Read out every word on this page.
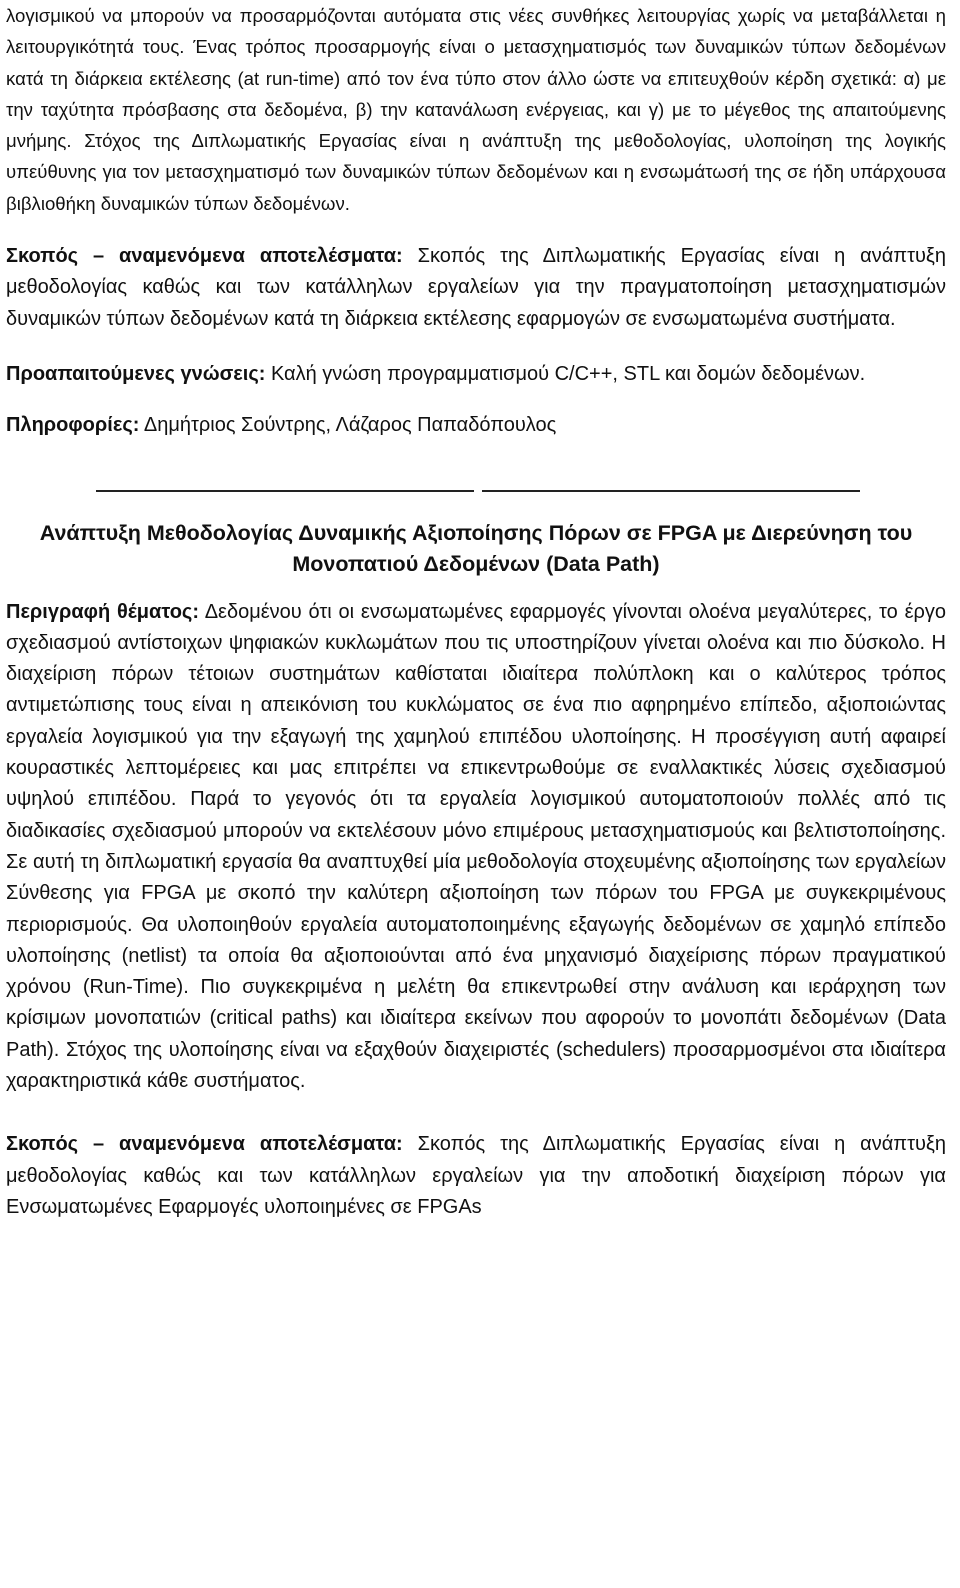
λογισμικού να μπορούν να προσαρμόζονται αυτόματα στις νέες συνθήκες λειτουργίας χωρίς να μεταβάλλεται η λειτουργικότητά τους. Ένας τρόπος προσαρμογής είναι ο μετασχηματισμός των δυναμικών τύπων δεδομένων κατά τη διάρκεια εκτέλεσης (at run-time) από τον ένα τύπο στον άλλο ώστε να επιτευχθούν κέρδη σχετικά: α) με την ταχύτητα πρόσβασης στα δεδομένα, β) την κατανάλωση ενέργειας, και γ) με το μέγεθος της απαιτούμενης μνήμης. Στόχος της Διπλωματικής Εργασίας είναι η ανάπτυξη της μεθοδολογίας, υλοποίηση της λογικής υπεύθυνης για τον μετασχηματισμό των δυναμικών τύπων δεδομένων και η ενσωμάτωσή της σε ήδη υπάρχουσα βιβλιοθήκη δυναμικών τύπων δεδομένων.

Σκοπός – αναμενόμενα αποτελέσματα: Σκοπός της Διπλωματικής Εργασίας είναι η ανάπτυξη μεθοδολογίας καθώς και των κατάλληλων εργαλείων για την πραγματοποίηση μετασχηματισμών δυναμικών τύπων δεδομένων κατά τη διάρκεια εκτέλεσης εφαρμογών σε ενσωματωμένα συστήματα.

Προαπαιτούμενες γνώσεις: Καλή γνώση προγραμματισμού C/C++, STL και δομών δεδομένων.

Πληροφορίες: Δημήτριος Σούντρης, Λάζαρος Παπαδόπουλος

Ανάπτυξη Μεθοδολογίας Δυναμικής Αξιοποίησης Πόρων σε FPGA με Διερεύνηση του Μονοπατιού Δεδομένων (Data Path)

Περιγραφή θέματος: Δεδομένου ότι οι ενσωματωμένες εφαρμογές γίνονται ολοένα μεγαλύτερες, το έργο σχεδιασμού αντίστοιχων ψηφιακών κυκλωμάτων που τις υποστηρίζουν γίνεται ολοένα και πιο δύσκολο. Η διαχείριση πόρων τέτοιων συστημάτων καθίσταται ιδιαίτερα πολύπλοκη και ο καλύτερος τρόπος αντιμετώπισης τους είναι η απεικόνιση του κυκλώματος σε ένα πιο αφηρημένο επίπεδο, αξιοποιώντας εργαλεία λογισμικού για την εξαγωγή της χαμηλού επιπέδου υλοποίησης. Η προσέγγιση αυτή αφαιρεί κουραστικές λεπτομέρειες και μας επιτρέπει να επικεντρωθούμε σε εναλλακτικές λύσεις σχεδιασμού υψηλού επιπέδου. Παρά το γεγονός ότι τα εργαλεία λογισμικού αυτοματοποιούν πολλές από τις διαδικασίες σχεδιασμού μπορούν να εκτελέσουν μόνο επιμέρους μετασχηματισμούς και βελτιστοποίησης. Σε αυτή τη διπλωματική εργασία θα αναπτυχθεί μία μεθοδολογία στοχευμένης αξιοποίησης των εργαλείων Σύνθεσης για FPGA με σκοπό την καλύτερη αξιοποίηση των πόρων του FPGA με συγκεκριμένους περιορισμούς. Θα υλοποιηθούν εργαλεία αυτοματοποιημένης εξαγωγής δεδομένων σε χαμηλό επίπεδο υλοποίησης (netlist) τα οποία θα αξιοποιούνται από ένα μηχανισμό διαχείρισης πόρων πραγματικού χρόνου (Run-Time). Πιο συγκεκριμένα η μελέτη θα επικεντρωθεί στην ανάλυση και ιεράρχηση των κρίσιμων μονοπατιών (critical paths) και ιδιαίτερα εκείνων που αφορούν το μονοπάτι δεδομένων (Data Path). Στόχος της υλοποίησης είναι να εξαχθούν διαχειριστές (schedulers) προσαρμοσμένοι στα ιδιαίτερα χαρακτηριστικά κάθε συστήματος.

Σκοπός – αναμενόμενα αποτελέσματα: Σκοπός της Διπλωματικής Εργασίας είναι η ανάπτυξη μεθοδολογίας καθώς και των κατάλληλων εργαλείων για την αποδοτική διαχείριση πόρων για Ενσωματωμένες Εφαρμογές υλοποιημένες σε FPGAs
